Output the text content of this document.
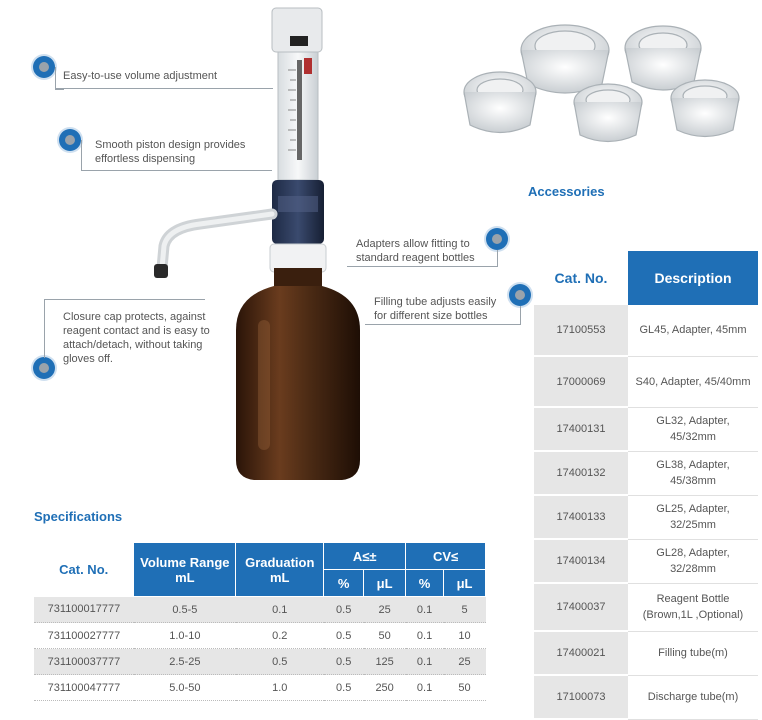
Easy-to-use volume adjustment
Smooth piston design provides effortless dispensing
Adapters allow fitting to standard reagent bottles
Filling tube adjusts easily for different size bottles
Closure cap protects, against reagent contact and is easy to attach/detach, without taking gloves off.
Accessories
Specifications
Cat. No.	Volume Range mL	Graduation mL	A≤±		CV≤	
			%	μL	%	μL
731100017777	0.5-5	0.1	0.5	25	0.1	5
731100027777	1.0-10	0.2	0.5	50	0.1	10
731100037777	2.5-25	0.5	0.5	125	0.1	25
731100047777	5.0-50	1.0	0.5	250	0.1	50
Cat. No.	Description
17100553	GL45, Adapter, 45mm
17000069	S40, Adapter, 45/40mm
17400131	GL32, Adapter, 45/32mm
17400132	GL38, Adapter, 45/38mm
17400133	GL25, Adapter, 32/25mm
17400134	GL28, Adapter, 32/28mm
17400037	Reagent Bottle (Brown,1L ,Optional)
17400021	Filling tube(m)
17100073	Discharge tube(m)
